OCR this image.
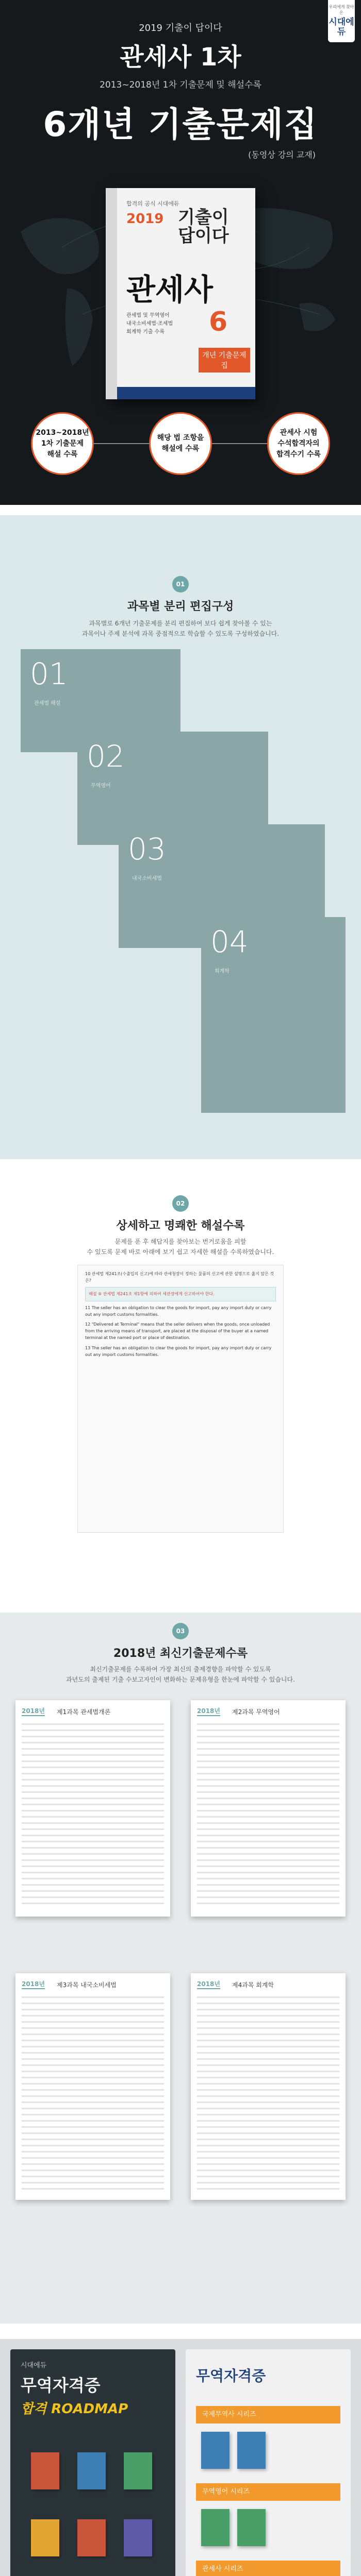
우리에게 찾아온
시대에듀
2019 기출이 답이다
관세사 1차
2013~2018년 1차 기출문제 및 해설수록
6개년 기출문제집
(동영상 강의 교재)
합격의 공식 시대에듀
2019 기출이 답이다
관세사
6
개년 기출문제집
관세법 및 무역영어
내국소비세법·조세법
회계학 기출 수록
2013~2018년
1차 기출문제
해설 수록
해당 법 조항을
해설에 수록
관세사 시험
수석합격자의
합격수기 수록
01
과목별 분리 편집구성
과목별로 6개년 기출문제를 분리 편집하여 보다 쉽게 찾아볼 수 있는
과목이나 주제 분석에 과목 중점적으로 학습할 수 있도록 구성하였습니다.
01
관세법 해설
02
무역영어
03
내국소비세법
04
회계학
02
상세하고 명쾌한 해설수록
문제를 푼 후 해답지를 찾아보는 번거로움을 피할
수 있도록 문제 바로 아래에 보기 쉽고 자세한 해설을 수록하였습니다.

10 관세법 제241조(수출입의 신고)에 따라 관세청장이 정하는 물품의 신고에 관한 설명으로 옳지 않은 것은?

해설 ⑤ 관세법 제241조 제1항에 의하여 세관장에게 신고하여야 한다.

11 The seller has an obligation to clear the goods for import, pay any import duty or carry out any import customs formalities.

12 "Delivered at Terminal" means that the seller delivers when the goods, once unloaded from the arriving means of transport, are placed at the disposal of the buyer at a named terminal at the named port or place of destination.

13 The seller has an obligation to clear the goods for import, pay any import duty or carry out any import customs formalities.

03
2018년 최신기출문제수록
최신기출문제를 수록하여 가장 최신의 출제경향을 파악할 수 있도록
과년도의 출제된 기출 수보고자인이 변화하는 문제유형을 한눈에 파악할 수 있습니다.
2018년 제1과목 관세법개론	2018년 제2과목 무역영어
2018년 제3과목 내국소비세법	2018년 제4과목 회계학
시대에듀
무역자격증
합격 ROADMAP
무역자격증
국제무역사 시리즈
무역영어 시리즈
관세사 시리즈
